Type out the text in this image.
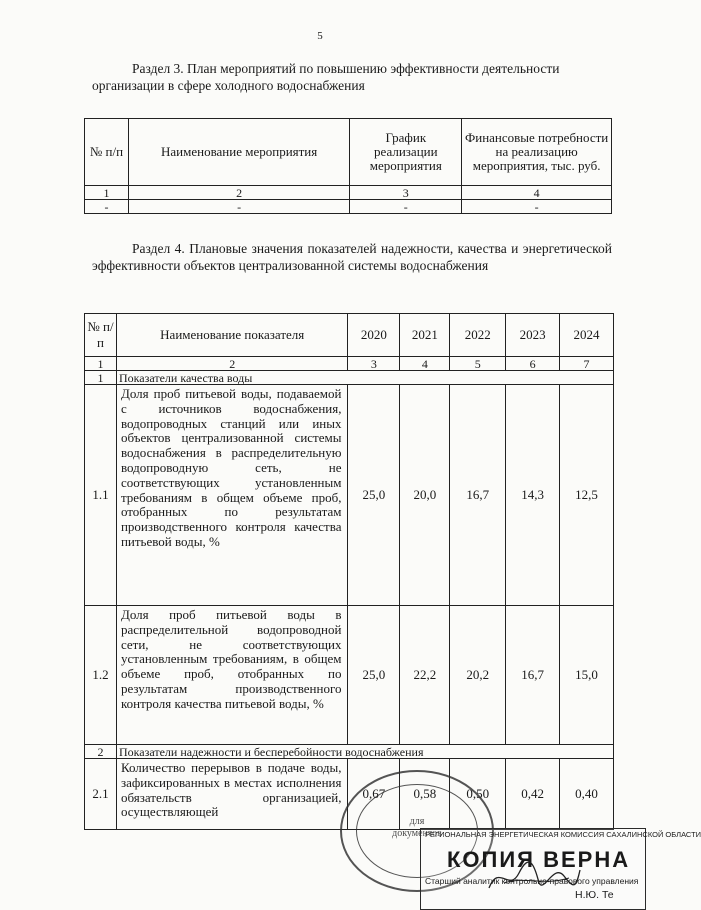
5
Раздел 3. План мероприятий по повышению эффективности деятельности организации в сфере холодного водоснабжения
№ п/п	Наименование мероприятия	График реализации мероприятия	Финансовые потребности на реализацию мероприятия, тыс. руб.
1	2	3	4
-	-	-	-
Раздел 4. Плановые значения показателей надежности, качества и энергетической эффективности объектов централизованной системы водоснабжения
№ п/п	Наименование показателя	2020	2021	2022	2023	2024
1	2	3	4	5	6	7
1	Показатели качества воды					
1.1	Доля проб питьевой воды, подаваемой с источников водоснабжения, водопроводных станций или иных объектов централизованной системы водоснабжения в распределительную водопроводную сеть, не соответствующих установленным требованиям в общем объеме проб, отобранных по результатам производственного контроля качества питьевой воды, %	25,0	20,0	16,7	14,3	12,5
1.2	Доля проб питьевой воды в распределительной водопроводной сети, не соответствующих установленным требованиям, в общем объеме проб, отобранных по результатам производственного контроля качества питьевой воды, %	25,0	22,2	20,2	16,7	15,0
2	Показатели надежности и бесперебойности водоснабжения					
2.1	Количество перерывов в подаче воды, зафиксированных в местах исполнения обязательств организацией, осуществляющей	0,67	0,58	0,50	0,42	0,40
для
документов
РЕГИОНАЛЬНАЯ ЭНЕРГЕТИЧЕСКАЯ КОМИССИЯ САХАЛИНСКОЙ ОБЛАСТИ
КОПИЯ ВЕРНА
Старший аналитик контрольно-правового управления
Н.Ю. Те
